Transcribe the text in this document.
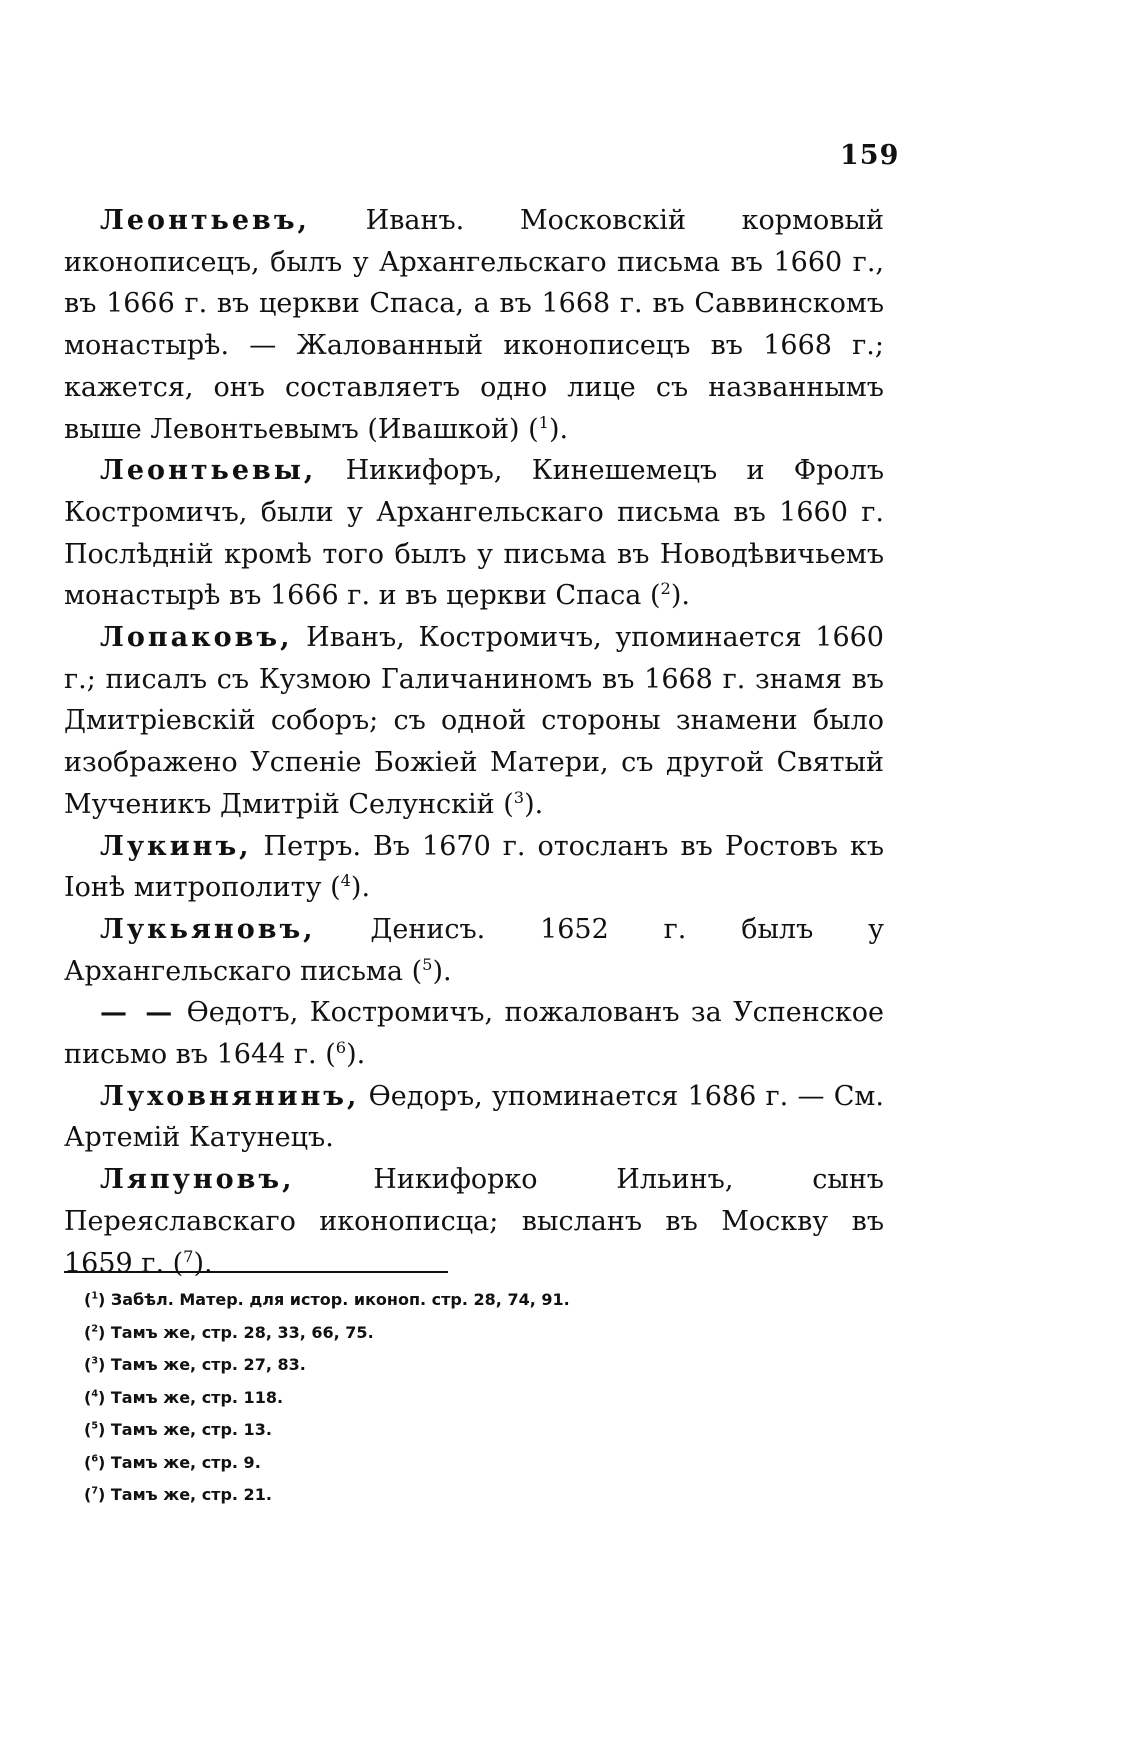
159

Леонтьевъ, Иванъ. Московскій кормовый иконописецъ, былъ у Архангельскаго письма въ 1660 г., въ 1666 г. въ церкви Спаса, а въ 1668 г. въ Саввинскомъ монастырѣ. — Жалованный иконописецъ въ 1668 г.; кажется, онъ составляетъ одно лице съ названнымъ выше Левонтьевымъ (Ивашкой) ($^1$).

Леонтьевы, Никифоръ, Кинешемецъ и Фролъ Костромичъ, были у Архангельскаго письма въ 1660 г. Послѣдній кромѣ того былъ у письма въ Новодѣвичьемъ монастырѣ въ 1666 г. и въ церкви Спаса ($^2$).

Лопаковъ, Иванъ, Костромичъ, упоминается 1660 г.; писалъ съ Кузмою Галичаниномъ въ 1668 г. знамя въ Дмитріевскій соборъ; съ одной стороны знамени было изображено Успеніе Божіей Матери, съ другой Святый Мученикъ Дмитрій Селунскій ($^3$).

Лукинъ, Петръ. Въ 1670 г. отосланъ въ Ростовъ къ Іонѣ митрополиту ($^4$).

Лукьяновъ, Денисъ. 1652 г. былъ у Архангельскаго письма ($^5$).

— — Өедотъ, Костромичъ, пожалованъ за Успенское письмо въ 1644 г. ($^6$).

Луховнянинъ, Өедоръ, упоминается 1686 г. — См. Артемій Катунецъ.

Ляпуновъ, Никифорко Ильинъ, сынъ Переяславскаго иконописца; высланъ въ Москву въ 1659 г. ($^7$).

($^1$) Забѣл. Матер. для истор. иконоп. стр. 28, 74, 91.

($^2$) Тамъ же, стр. 28, 33, 66, 75.

($^3$) Тамъ же, стр. 27, 83.

($^4$) Тамъ же, стр. 118.

($^5$) Тамъ же, стр. 13.

($^6$) Тамъ же, стр. 9.

($^7$) Тамъ же, стр. 21.
